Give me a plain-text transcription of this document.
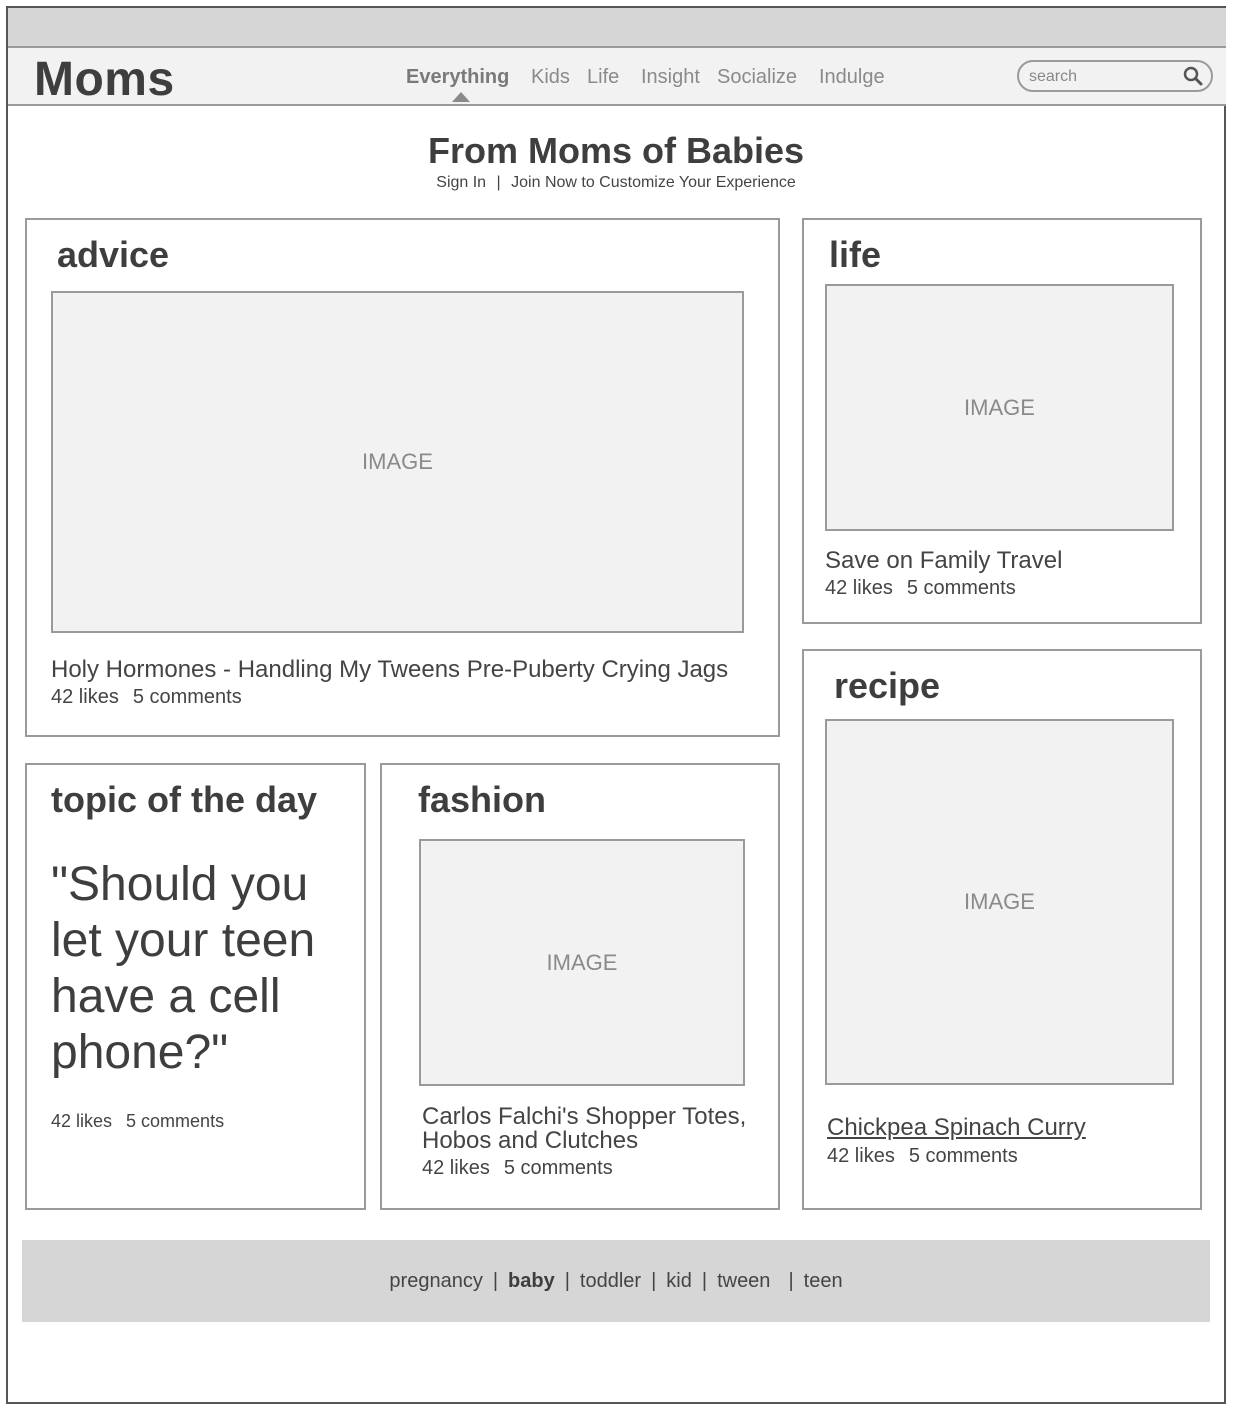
Moms	Everything Kids Life Insight Socialize Indulge
search
From Moms of Babies
Sign In | Join Now to Customize Your Experience
advice
IMAGE
Holy Hormones - Handling My Tweens Pre-Puberty Crying Jags
42 likes 5 comments
life
IMAGE
Save on Family Travel
42 likes 5 comments
topic of the day
"Should you let your teen have a cell phone?"
42 likes 5 comments
fashion
IMAGE
Carlos Falchi's Shopper Totes,
Hobos and Clutches
42 likes 5 comments
recipe
IMAGE
Chickpea Spinach Curry
42 likes 5 comments
pregnancy | baby | toddler | kid | tween | teen
